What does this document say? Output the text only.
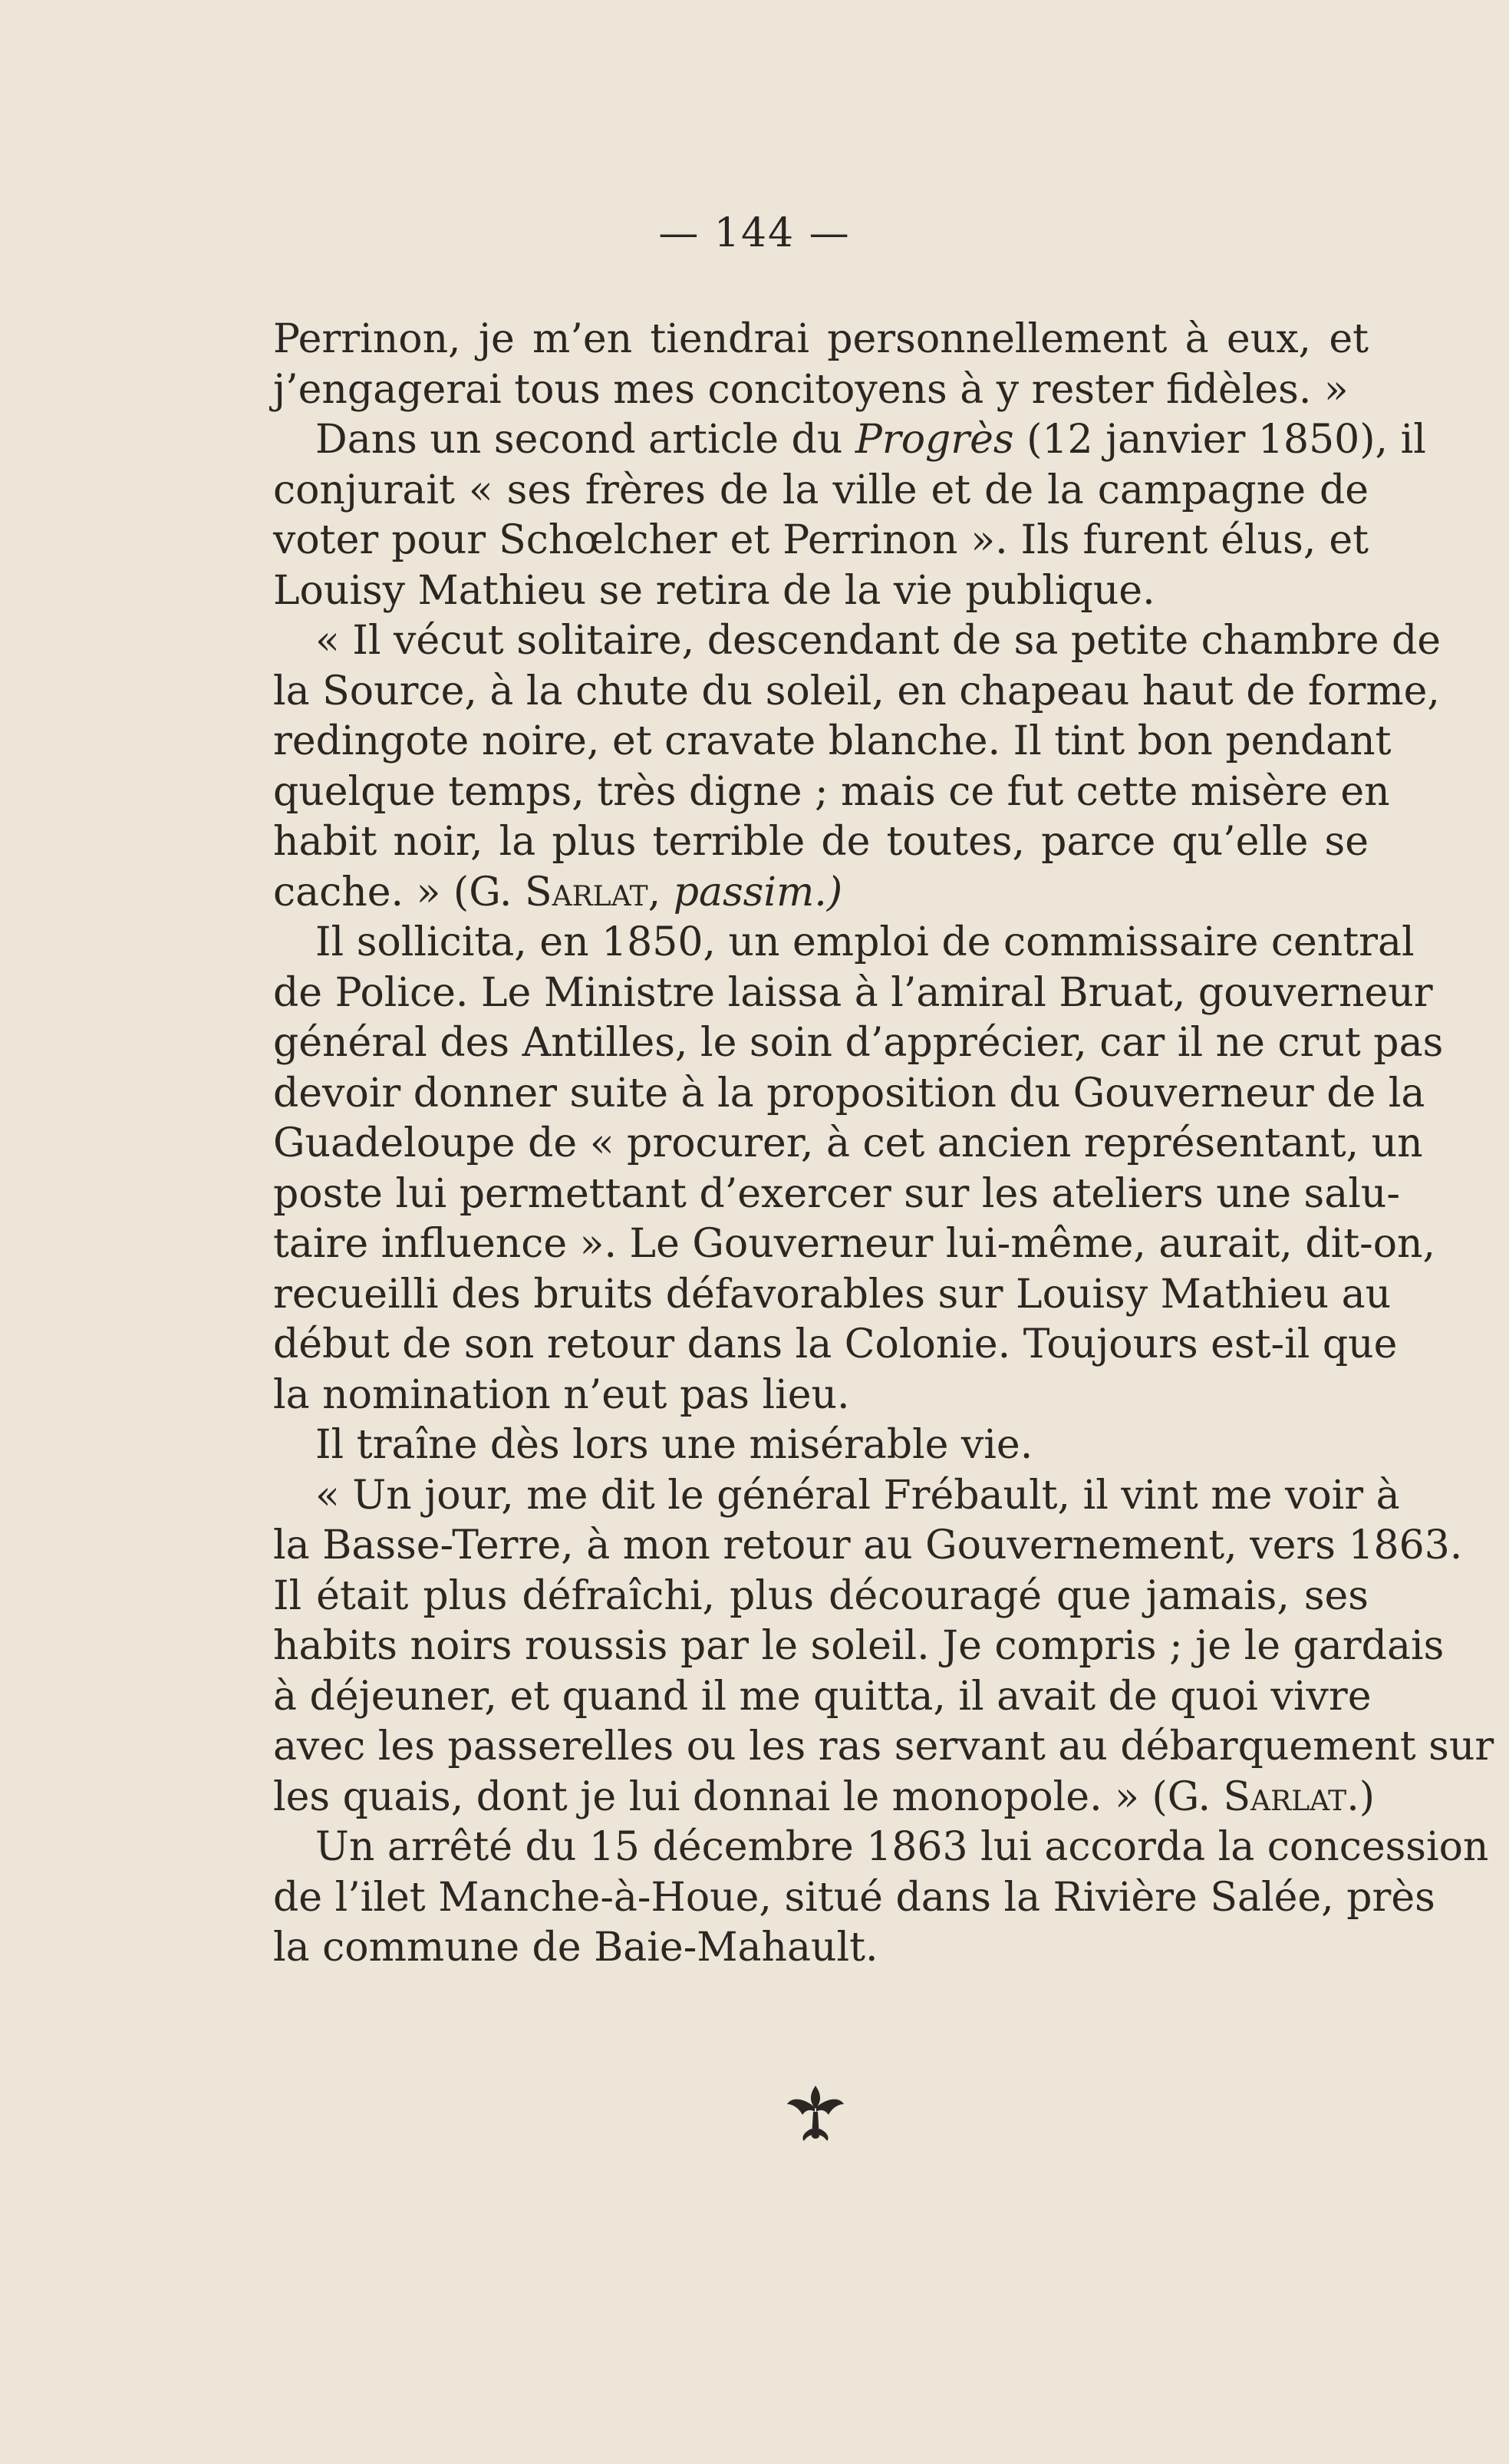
— 144 —
Perrinon, je m’en tiendrai personnellement à eux, et
j’engagerai tous mes concitoyens à y rester fidèles. »
Dans un second article du Progrès (12 janvier 1850), il
conjurait « ses frères de la ville et de la campagne de
voter pour Schœlcher et Perrinon ». Ils furent élus, et
Louisy Mathieu se retira de la vie publique.
« Il vécut solitaire, descendant de sa petite chambre de
la Source, à la chute du soleil, en chapeau haut de forme,
redingote noire, et cravate blanche. Il tint bon pendant
quelque temps, très digne ; mais ce fut cette misère en
habit noir, la plus terrible de toutes, parce qu’elle se
cache. » (G. Sarlat, passim.)
Il sollicita, en 1850, un emploi de commissaire central
de Police. Le Ministre laissa à l’amiral Bruat, gouverneur
général des Antilles, le soin d’apprécier, car il ne crut pas
devoir donner suite à la proposition du Gouverneur de la
Guadeloupe de « procurer, à cet ancien représentant, un
poste lui permettant d’exercer sur les ateliers une salu-
taire influence ». Le Gouverneur lui-même, aurait, dit-on,
recueilli des bruits défavorables sur Louisy Mathieu au
début de son retour dans la Colonie. Toujours est-il que
la nomination n’eut pas lieu.
Il traîne dès lors une misérable vie.
« Un jour, me dit le général Frébault, il vint me voir à
la Basse-Terre, à mon retour au Gouvernement, vers 1863.
Il était plus défraîchi, plus découragé que jamais, ses
habits noirs roussis par le soleil. Je compris ; je le gardais
à déjeuner, et quand il me quitta, il avait de quoi vivre
avec les passerelles ou les ras servant au débarquement sur
les quais, dont je lui donnai le monopole. » (G. Sarlat.)
Un arrêté du 15 décembre 1863 lui accorda la concession
de l’ilet Manche-à-Houe, situé dans la Rivière Salée, près
la commune de Baie-Mahault.
